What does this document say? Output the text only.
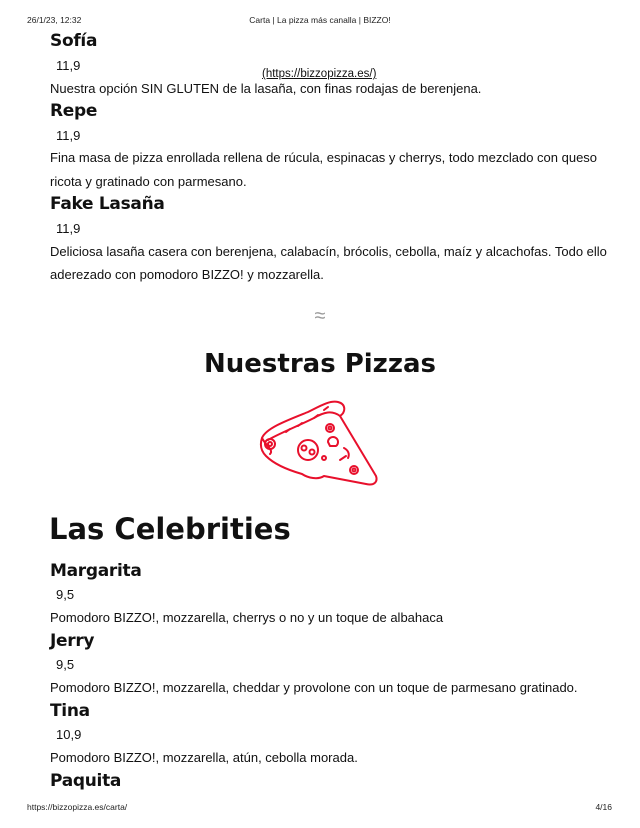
26/1/23, 12:32	Carta | La pizza más canalla | BIZZO!
Sofía
11,9
(https://bizzopizza.es/)
Nuestra opción SIN GLUTEN de la lasaña, con finas rodajas de berenjena.
Repe
11,9
Fina masa de pizza enrollada rellena de rúcula, espinacas y cherrys, todo mezclado con queso
ricota y gratinado con parmesano.
Fake Lasaña
11,9
Deliciosa lasaña casera con berenjena, calabacín, brócolis, cebolla, maíz y alcachofas. Todo ello
aderezado con pomodoro BIZZO! y mozzarella.
≈
Nuestras Pizzas
Las Celebrities
Margarita
9,5
Pomodoro BIZZO!, mozzarella, cherrys o no y un toque de albahaca
Jerry
9,5
Pomodoro BIZZO!, mozzarella, cheddar y provolone con un toque de parmesano gratinado.
Tina
10,9
Pomodoro BIZZO!, mozzarella, atún, cebolla morada.
Paquita
https://bizzopizza.es/carta/	4/16
